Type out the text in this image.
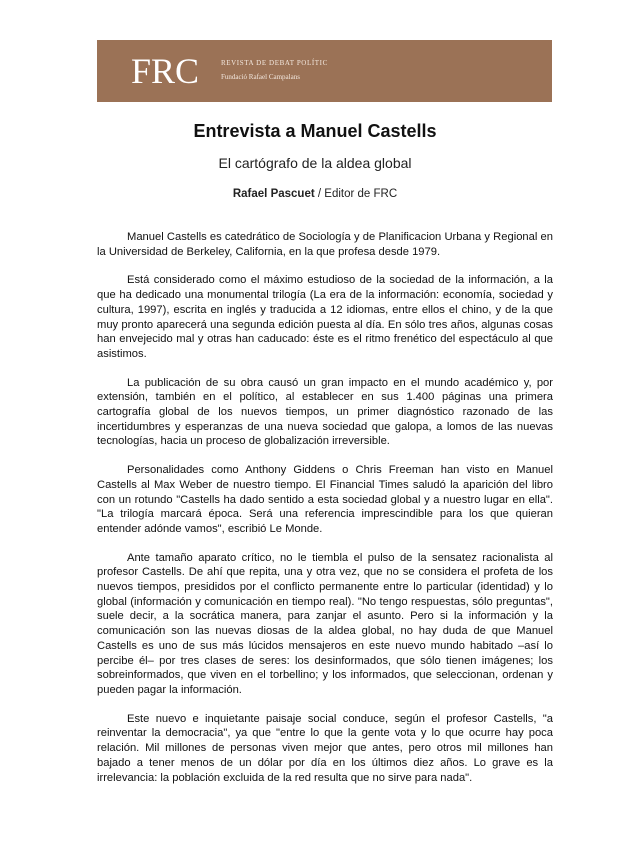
FRC	REVISTA DE DEBAT POLÍTIC
Fundació Rafael Campalans
Entrevista a Manuel Castells
El cartógrafo de la aldea global
Rafael Pascuet / Editor de FRC

Manuel Castells es catedrático de Sociología y de Planificacion Urbana y Regional en la Universidad de Berkeley, California, en la que profesa desde 1979.

Está considerado como el máximo estudioso de la sociedad de la información, a la que ha dedicado una monumental trilogía (La era de la información: economía, sociedad y cultura, 1997), escrita en inglés y traducida a 12 idiomas, entre ellos el chino, y de la que muy pronto aparecerá una segunda edición puesta al día. En sólo tres años, algunas cosas han envejecido mal y otras han caducado: éste es el ritmo frenético del espectáculo al que asistimos.

La publicación de su obra causó un gran impacto en el mundo académico y, por extensión, también en el político, al establecer en sus 1.400 páginas una primera cartografía global de los nuevos tiempos, un primer diagnóstico razonado de las incertidumbres y esperanzas de una nueva sociedad que galopa, a lomos de las nuevas tecnologías, hacia un proceso de globalización irreversible.

Personalidades como Anthony Giddens o Chris Freeman han visto en Manuel Castells al Max Weber de nuestro tiempo. El Financial Times saludó la aparición del libro con un rotundo "Castells ha dado sentido a esta sociedad global y a nuestro lugar en ella". "La trilogía marcará época. Será una referencia imprescindible para los que quieran entender adónde vamos", escribió Le Monde.

Ante tamaño aparato crítico, no le tiembla el pulso de la sensatez racionalista al profesor Castells. De ahí que repita, una y otra vez, que no se considera el profeta de los nuevos tiempos, presididos por el conflicto permanente entre lo particular (identidad) y lo global (información y comunicación en tiempo real). "No tengo respuestas, sólo preguntas", suele decir, a la socrática manera, para zanjar el asunto. Pero si la información y la comunicación son las nuevas diosas de la aldea global, no hay duda de que Manuel Castells es uno de sus más lúcidos mensajeros en este nuevo mundo habitado –así lo percibe él– por tres clases de seres: los desinformados, que sólo tienen imágenes; los sobreinformados, que viven en el torbellino; y los informados, que seleccionan, ordenan y pueden pagar la información.

Este nuevo e inquietante paisaje social conduce, según el profesor Castells, "a reinventar la democracia", ya que "entre lo que la gente vota y lo que ocurre hay poca relación. Mil millones de personas viven mejor que antes, pero otros mil millones han bajado a tener menos de un dólar por día en los últimos diez años. Lo grave es la irrelevancia: la población excluida de la red resulta que no sirve para nada".
